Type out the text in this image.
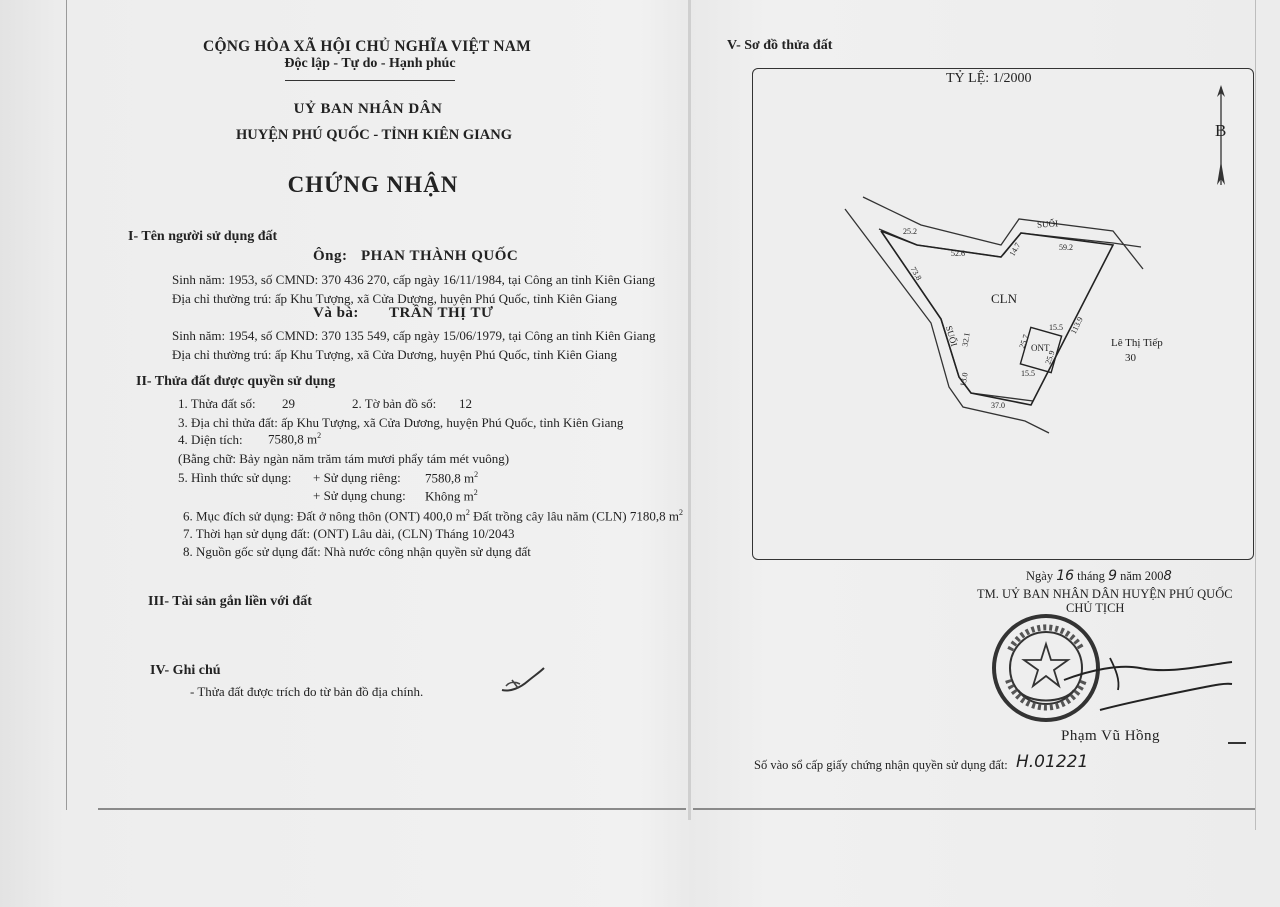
CỘNG HÒA XÃ HỘI CHỦ NGHĨA VIỆT NAM
Độc lập - Tự do - Hạnh phúc
UỶ BAN NHÂN DÂN
HUYỆN PHÚ QUỐC - TỈNH KIÊN GIANG
CHỨNG NHẬN
I- Tên người sử dụng đất
Ông: PHAN THÀNH QUỐC
Sinh năm: 1953, số CMND: 370 436 270, cấp ngày 16/11/1984, tại Công an tỉnh Kiên Giang
Địa chỉ thường trú: ấp Khu Tượng, xã Cửa Dương, huyện Phú Quốc, tỉnh Kiên Giang
Và bà: TRẦN THỊ TƯ
Sinh năm: 1954, số CMND: 370 135 549, cấp ngày 15/06/1979, tại Công an tỉnh Kiên Giang
Địa chỉ thường trú: ấp Khu Tượng, xã Cửa Dương, huyện Phú Quốc, tỉnh Kiên Giang
II- Thửa đất được quyền sử dụng
1. Thửa đất số: 29	2. Tờ bản đồ số: 12
3. Địa chỉ thửa đất: ấp Khu Tượng, xã Cửa Dương, huyện Phú Quốc, tỉnh Kiên Giang
4. Diện tích: 7580,8 $m^2$
(Bằng chữ: Bảy ngàn năm trăm tám mươi phẩy tám mét vuông)
5. Hình thức sử dụng: + Sử dụng riêng: 7580,8 $m^2$
+ Sử dụng chung: Không $m^2$
6. Mục đích sử dụng: Đất ở nông thôn (ONT) 400,0 $m^2$ Đất trồng cây lâu năm (CLN) 7180,8 $m^2$
7. Thời hạn sử dụng đất: (ONT) Lâu dài, (CLN) Tháng 10/2043
8. Nguồn gốc sử dụng đất: Nhà nước công nhận quyền sử dụng đất
III- Tài sản gắn liền với đất
IV- Ghi chú
- Thửa đất được trích đo từ bản đồ địa chính.
V- Sơ đồ thửa đất
TỶ LỆ: 1/2000
SUỐI
SUỐI
CLN
ONT	Lê Thị Tiếp
30
25.2
52.6	14.7	59.2
73.8
113.9
32.1
15.5
25.7
25.9
15.5
13.0
37.0
B
Ngày 16 tháng 9 năm 2008
TM. UỶ BAN NHÂN DÂN HUYỆN PHÚ QUỐC
CHỦ TỊCH
Phạm Vũ Hồng
Số vào sổ cấp giấy chứng nhận quyền sử dụng đất: H.01221
